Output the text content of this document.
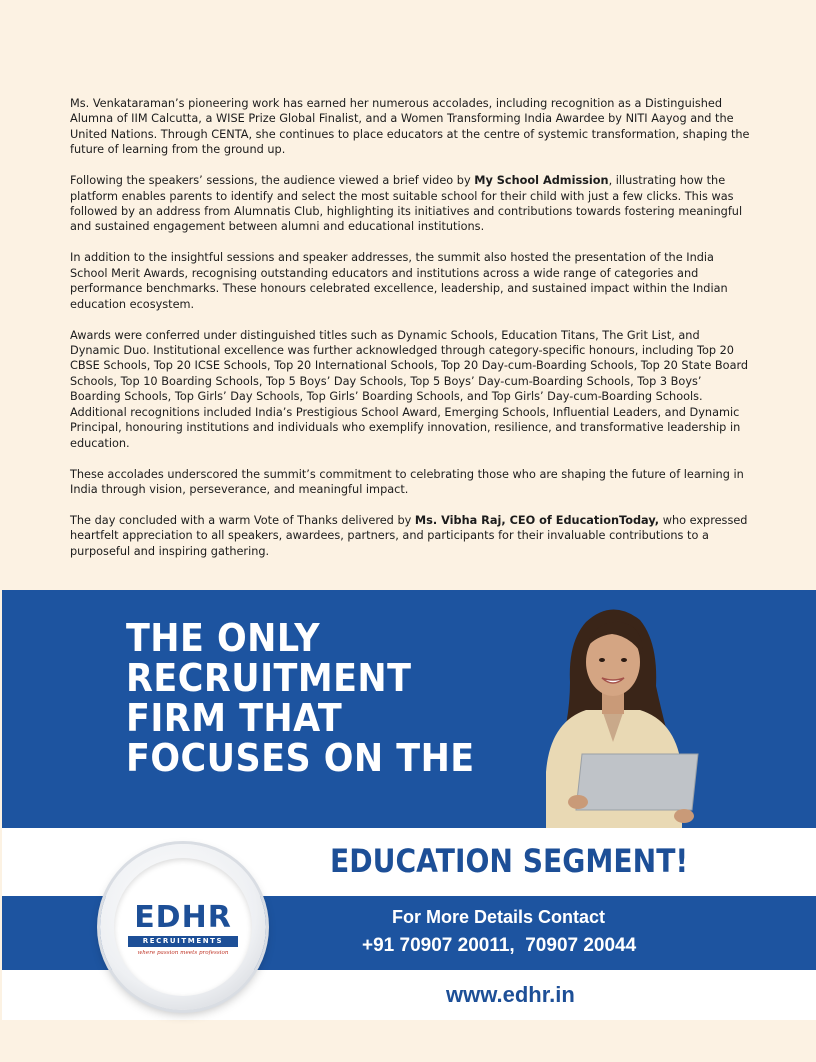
Ms. Venkataraman’s pioneering work has earned her numerous accolades, including recognition as a Distinguished Alumna of IIM Calcutta, a WISE Prize Global Finalist, and a Women Transforming India Awardee by NITI Aayog and the United Nations. Through CENTA, she continues to place educators at the centre of systemic transformation, shaping the future of learning from the ground up.

Following the speakers’ sessions, the audience viewed a brief video by My School Admission, illustrating how the platform enables parents to identify and select the most suitable school for their child with just a few clicks. This was followed by an address from Alumnatis Club, highlighting its initiatives and contributions towards fostering meaningful and sustained engagement between alumni and educational institutions.

In addition to the insightful sessions and speaker addresses, the summit also hosted the presentation of the India School Merit Awards, recognising outstanding educators and institutions across a wide range of categories and performance benchmarks. These honours celebrated excellence, leadership, and sustained impact within the Indian education ecosystem.

Awards were conferred under distinguished titles such as Dynamic Schools, Education Titans, The Grit List, and Dynamic Duo. Institutional excellence was further acknowledged through category-specific honours, including Top 20 CBSE Schools, Top 20 ICSE Schools, Top 20 International Schools, Top 20 Day-cum-Boarding Schools, Top 20 State Board Schools, Top 10 Boarding Schools, Top 5 Boys’ Day Schools, Top 5 Boys’ Day-cum-Boarding Schools, Top 3 Boys’ Boarding Schools, Top Girls’ Day Schools, Top Girls’ Boarding Schools, and Top Girls’ Day-cum-Boarding Schools.

Additional recognitions included India’s Prestigious School Award, Emerging Schools, Influential Leaders, and Dynamic Principal, honouring institutions and individuals who exemplify innovation, resilience, and transformative leadership in education.

These accolades underscored the summit’s commitment to celebrating those who are shaping the future of learning in India through vision, perseverance, and meaningful impact.

The day concluded with a warm Vote of Thanks delivered by Ms. Vibha Raj, CEO of EducationToday, who expressed heartfelt appreciation to all speakers, awardees, partners, and participants for their invaluable contributions to a purposeful and inspiring gathering.

THE ONLY
RECRUITMENT
FIRM THAT
FOCUSES ON THE
EDUCATION SEGMENT!
EDHR
RECRUITMENTS
where passion meets profession
For More Details Contact
+91 70907 20011,  70907 20044
www.edhr.in
